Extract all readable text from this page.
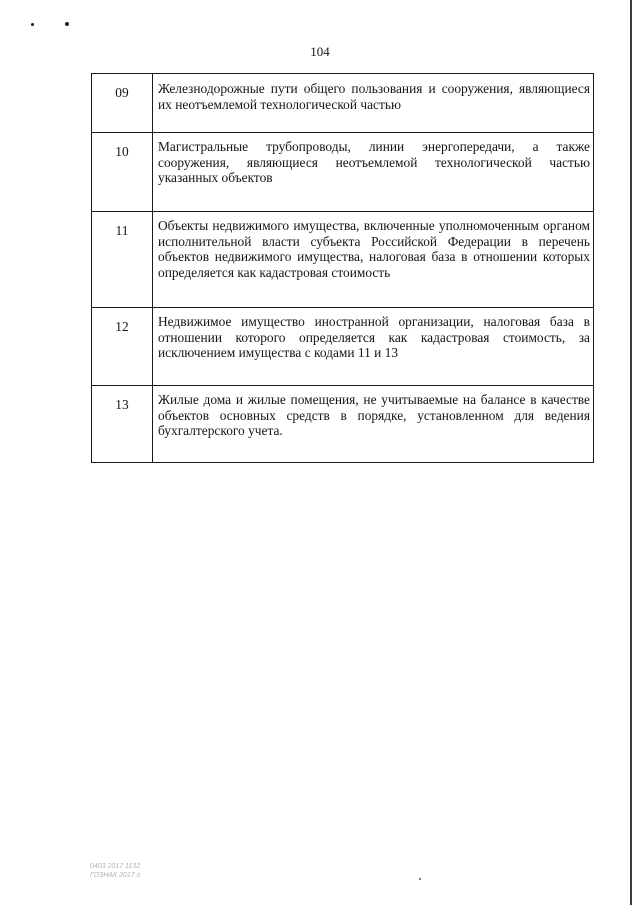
104
09	Железнодорожные пути общего пользования и сооружения, являющиеся их неотъемлемой технологической частью
10	Магистральные трубопроводы, линии энергопередачи, а также сооружения, являющиеся неотъемлемой технологической частью указанных объектов
11	Объекты недвижимого имущества, включенные уполномоченным органом исполнительной власти субъекта Российской Федерации в перечень объектов недвижимого имущества, налоговая база в отношении которых определяется как кадастровая стоимость
12	Недвижимое имущество иностранной организации, налоговая база в отношении которого определяется как кадастровая стоимость, за исключением имущества с кодами 11 и 13
13	Жилые дома и жилые помещения, не учитываемые на балансе в качестве объектов основных средств в порядке, установленном для ведения бухгалтерского учета.
0403 2017 1132
ГОЗНАК 2017 г.
